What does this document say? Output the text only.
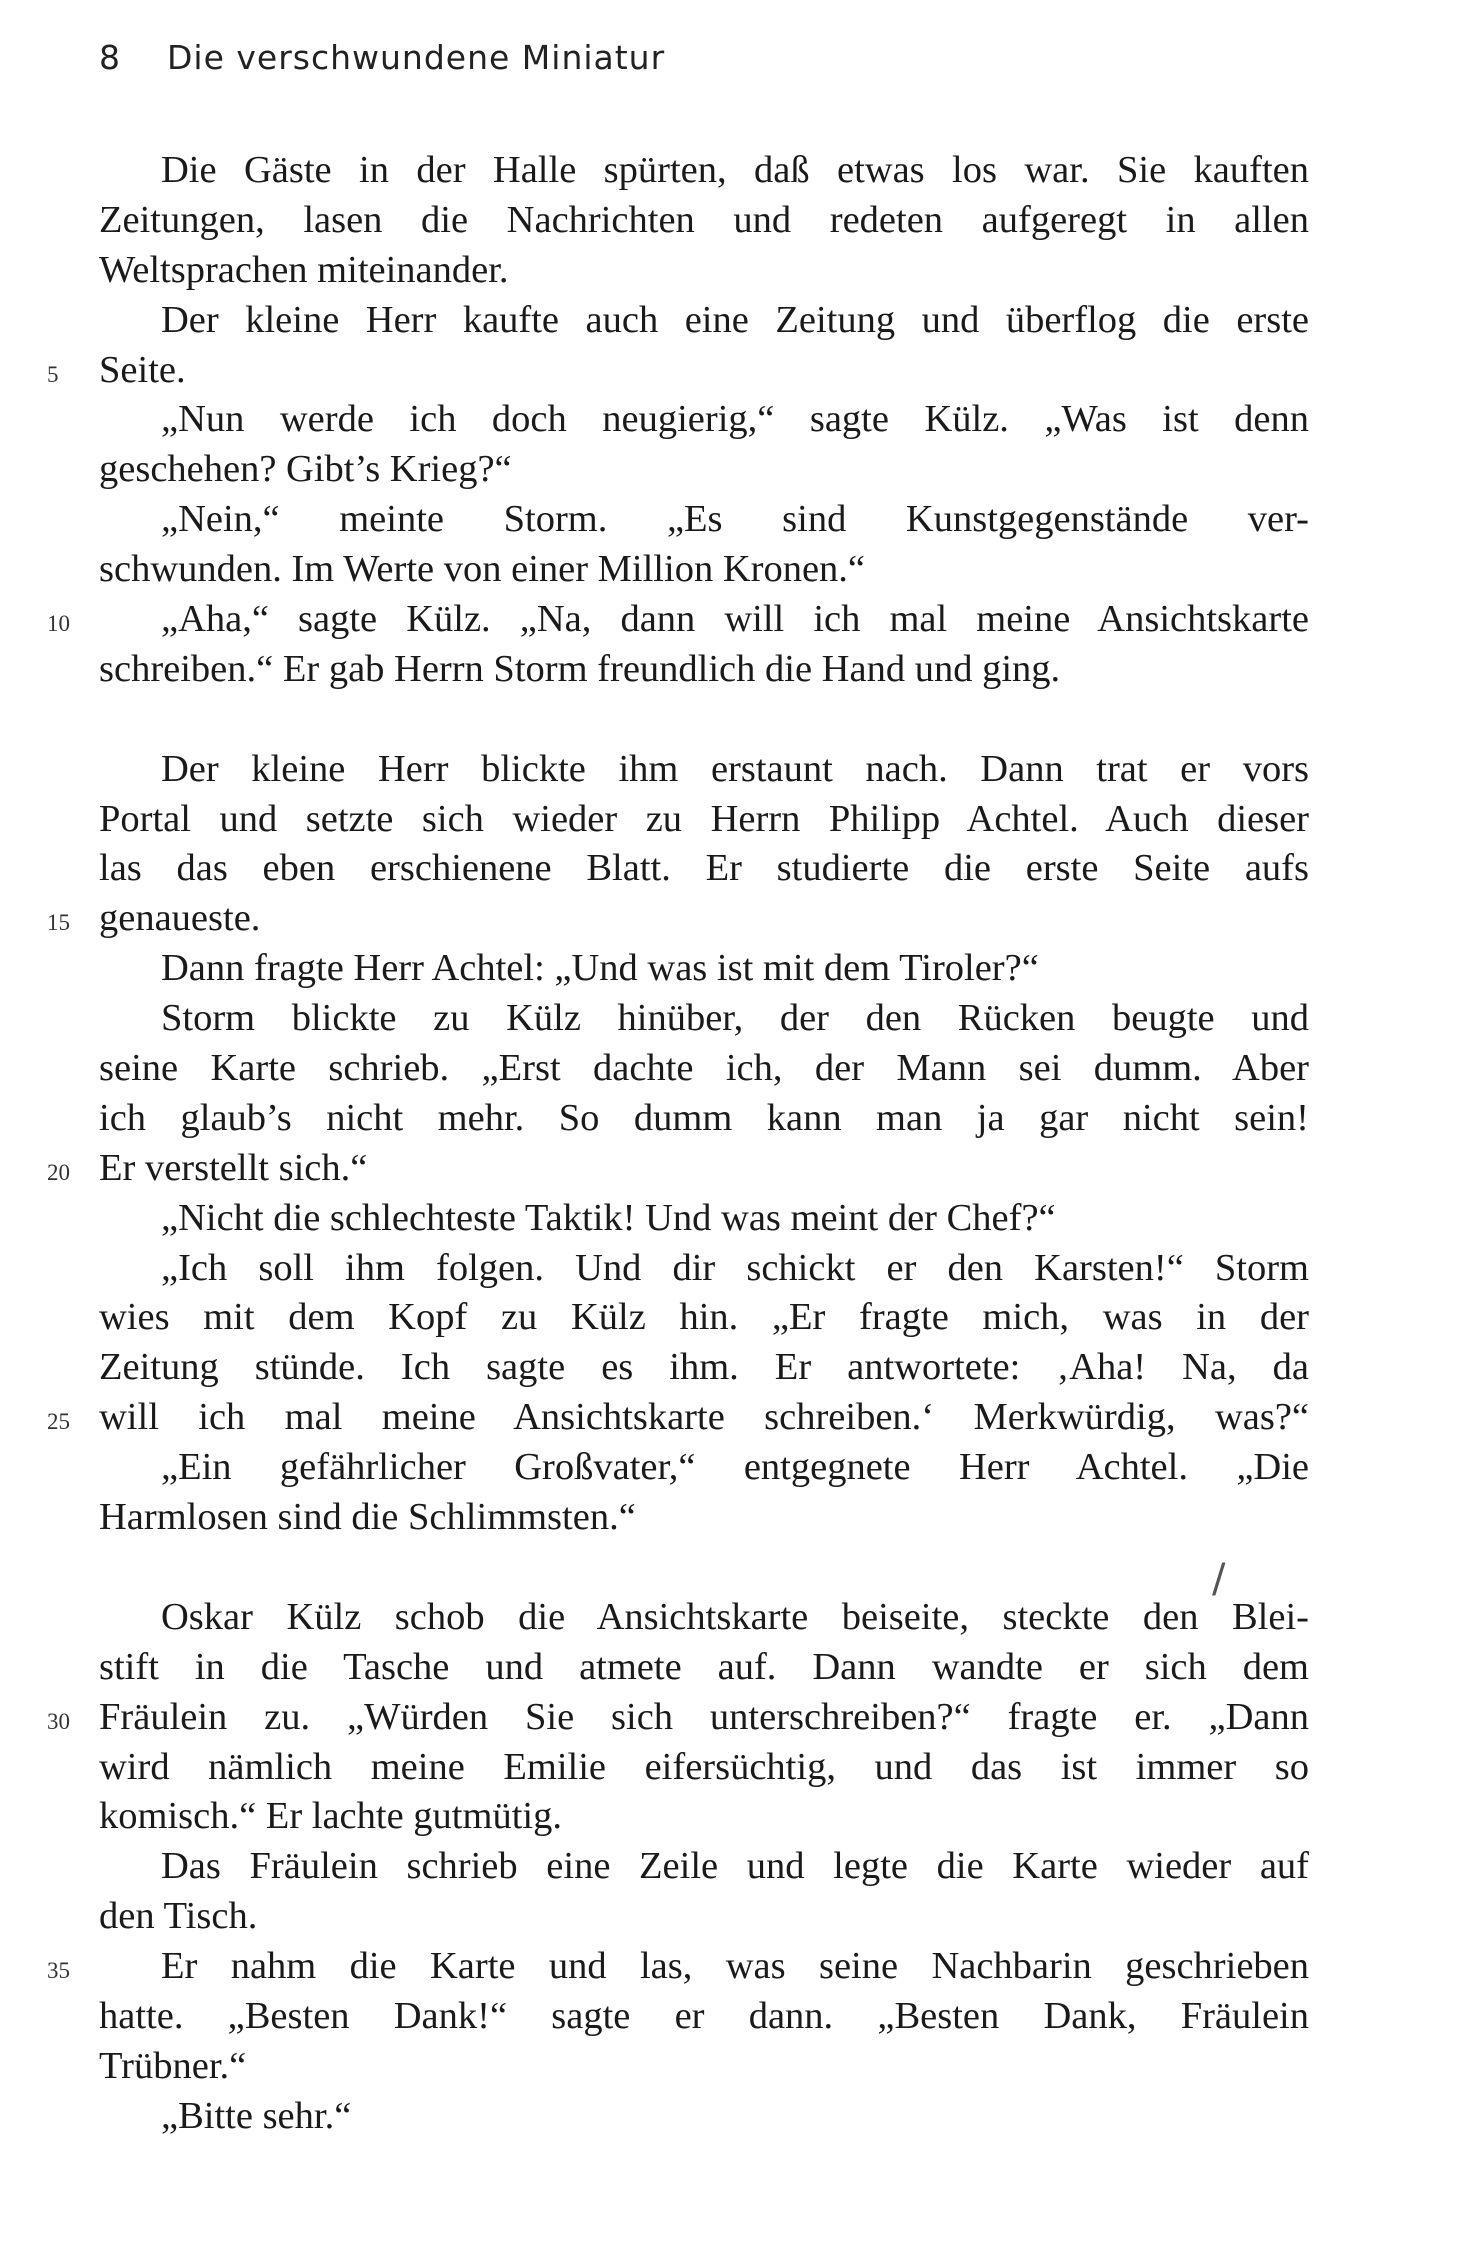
8 Die verschwundene Miniatur
/
Die Gäste in der Halle spürten, daß etwas los war. Sie kauften
Zeitungen, lasen die Nachrichten und redeten aufgeregt in allen
Weltsprachen miteinander.
Der kleine Herr kaufte auch eine Zeitung und überflog die erste
Seite.
5
„Nun werde ich doch neugierig,“ sagte Külz. „Was ist denn
geschehen? Gibt’s Krieg?“
„Nein,“ meinte Storm. „Es sind Kunstgegenstände ver-
schwunden. Im Werte von einer Million Kronen.“
„Aha,“ sagte Külz. „Na, dann will ich mal meine Ansichtskarte
10
schreiben.“ Er gab Herrn Storm freundlich die Hand und ging.
Der kleine Herr blickte ihm erstaunt nach. Dann trat er vors
Portal und setzte sich wieder zu Herrn Philipp Achtel. Auch dieser
las das eben erschienene Blatt. Er studierte die erste Seite aufs
genaueste.
15
Dann fragte Herr Achtel: „Und was ist mit dem Tiroler?“
Storm blickte zu Külz hinüber, der den Rücken beugte und
seine Karte schrieb. „Erst dachte ich, der Mann sei dumm. Aber
ich glaub’s nicht mehr. So dumm kann man ja gar nicht sein!
Er verstellt sich.“
20
„Nicht die schlechteste Taktik! Und was meint der Chef?“
„Ich soll ihm folgen. Und dir schickt er den Karsten!“ Storm
wies mit dem Kopf zu Külz hin. „Er fragte mich, was in der
Zeitung stünde. Ich sagte es ihm. Er antwortete: ‚Aha! Na, da
will ich mal meine Ansichtskarte schreiben.‘ Merkwürdig, was?“
25
„Ein gefährlicher Großvater,“ entgegnete Herr Achtel. „Die
Harmlosen sind die Schlimmsten.“
Oskar Külz schob die Ansichtskarte beiseite, steckte den Blei-
stift in die Tasche und atmete auf. Dann wandte er sich dem
Fräulein zu. „Würden Sie sich unterschreiben?“ fragte er. „Dann
30
wird nämlich meine Emilie eifersüchtig, und das ist immer so
komisch.“ Er lachte gutmütig.
Das Fräulein schrieb eine Zeile und legte die Karte wieder auf
den Tisch.
Er nahm die Karte und las, was seine Nachbarin geschrieben
35
hatte. „Besten Dank!“ sagte er dann. „Besten Dank, Fräulein
Trübner.“
„Bitte sehr.“
